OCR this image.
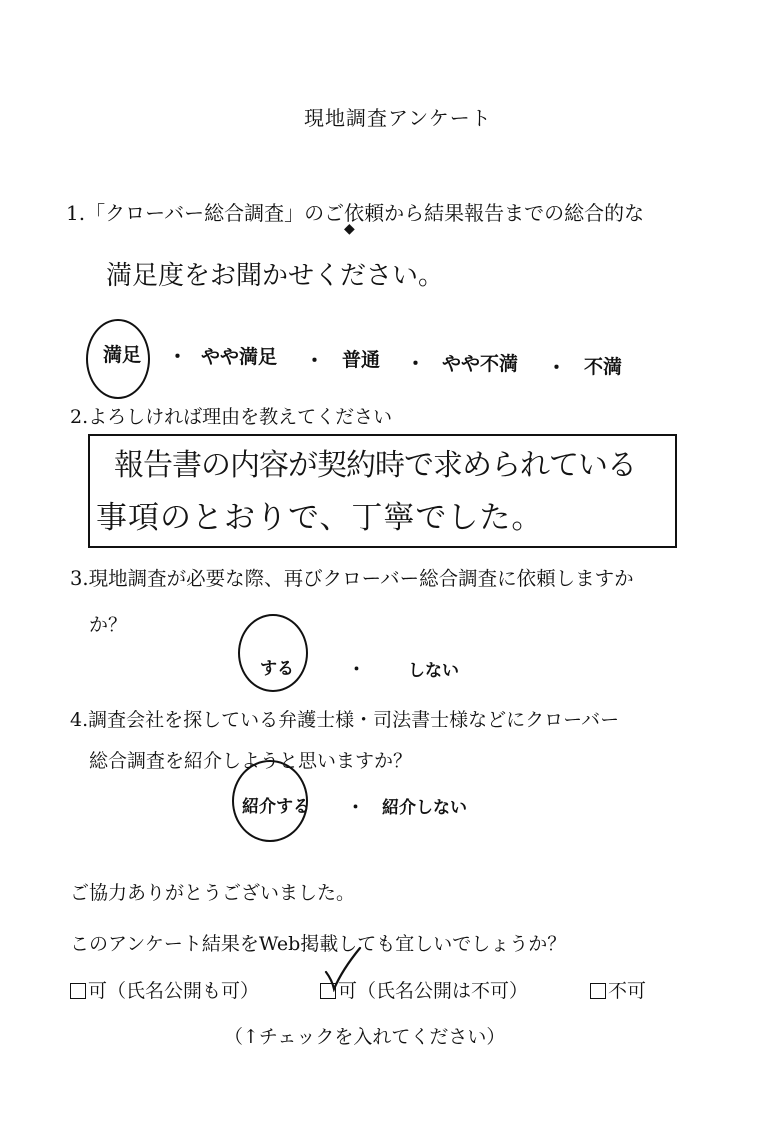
現地調査アンケート
1.「クローバー総合調査」のご依頼から結果報告までの総合的な
◆
満足度をお聞かせください。
満足 ・ やや満足 ・ 普通 ・ やや不満 ・ 不満
2.よろしければ理由を教えてください
報告書の内容が契約時で求められている
事項のとおりで、丁寧でした。
3.現地調査が必要な際、再びクローバー総合調査に依頼しますか
か？
する	・	しない
4.調査会社を探している弁護士様・司法書士様などにクローバー
総合調査を紹介しようと思いますか？
紹介する ・ 紹介しない
ご協力ありがとうございました。
このアンケート結果をWeb掲載しても宜しいでしょうか？
可（氏名公開も可）	可（氏名公開は不可）	不可
（↑チェックを入れてください）
